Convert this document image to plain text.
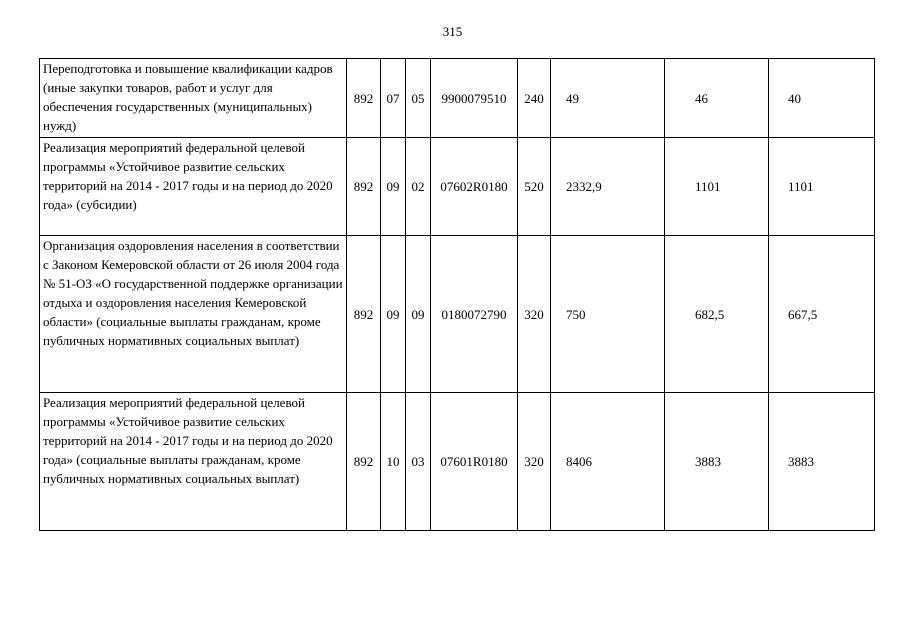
315
Переподготовка и повышение квалификации кадров (иные закупки товаров, работ и услуг для обеспечения государственных (муниципальных) нужд)	892	07	05	9900079510	240	49	46	40
Реализация мероприятий федеральной целевой программы «Устойчивое развитие сельских территорий на 2014 - 2017 годы и на период до 2020 года» (субсидии)	892	09	02	07602R0180	520	2332,9	1101	1101
Организация оздоровления населения в соответствии с Законом Кемеровской области от 26 июля 2004 года № 51-ОЗ «О государственной поддержке организации отдыха и оздоровления населения Кемеровской области» (социальные выплаты гражданам, кроме публичных нормативных социальных выплат)	892	09	09	0180072790	320	750	682,5	667,5
Реализация мероприятий федеральной целевой программы «Устойчивое развитие сельских территорий на 2014 - 2017 годы и на период до 2020 года» (социальные выплаты гражданам, кроме публичных нормативных социальных выплат)	892	10	03	07601R0180	320	8406	3883	3883
